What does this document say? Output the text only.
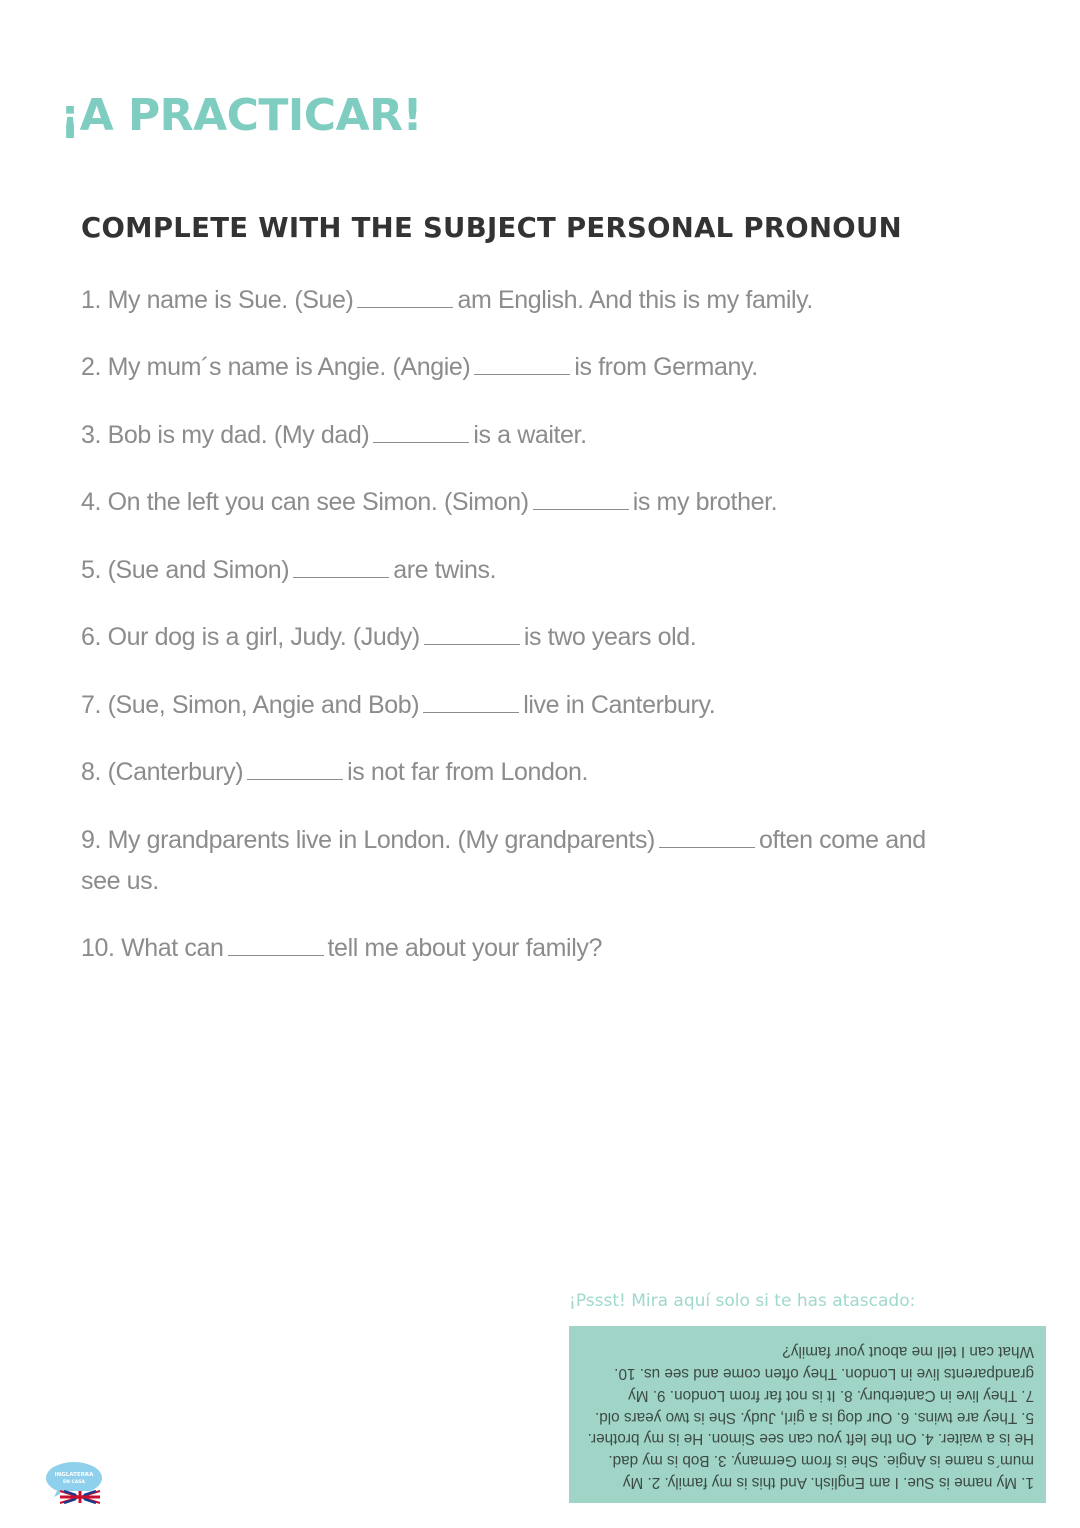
¡A PRACTICAR!
COMPLETE WITH THE SUBJECT PERSONAL PRONOUN
1. My name is Sue. (Sue)	am English. And this is my family.
2. My mum´s name is Angie. (Angie)	is from Germany.
3. Bob is my dad. (My dad)	is a waiter.
4. On the left you can see Simon. (Simon)	is my brother.
5. (Sue and Simon)	are twins.
6. Our dog is a girl, Judy. (Judy)	is two years old.
7. (Sue, Simon, Angie and Bob)	live in Canterbury.
8. (Canterbury)	is not far from London.
9. My grandparents live in London. (My grandparents)	often come and see us.
10. What can	tell me about your family?
¡Pssst! Mira aquí solo si te has atascado:
1. My name is Sue. I am English. And this is my family. 2. My mum´s name is Angie. She is from Germany. 3. Bob is my dad. He is a waiter. 4. On the left you can see Simon. He is my brother. 5. They are twins. 6. Our dog is a girl, Judy. She is two years old. 7. They live in Canterbury. 8. It is not far from London. 9. My grandparents live in London. They often come and see us. 10. What can I tell me about your family?
INGLATERRA
EN CASA
